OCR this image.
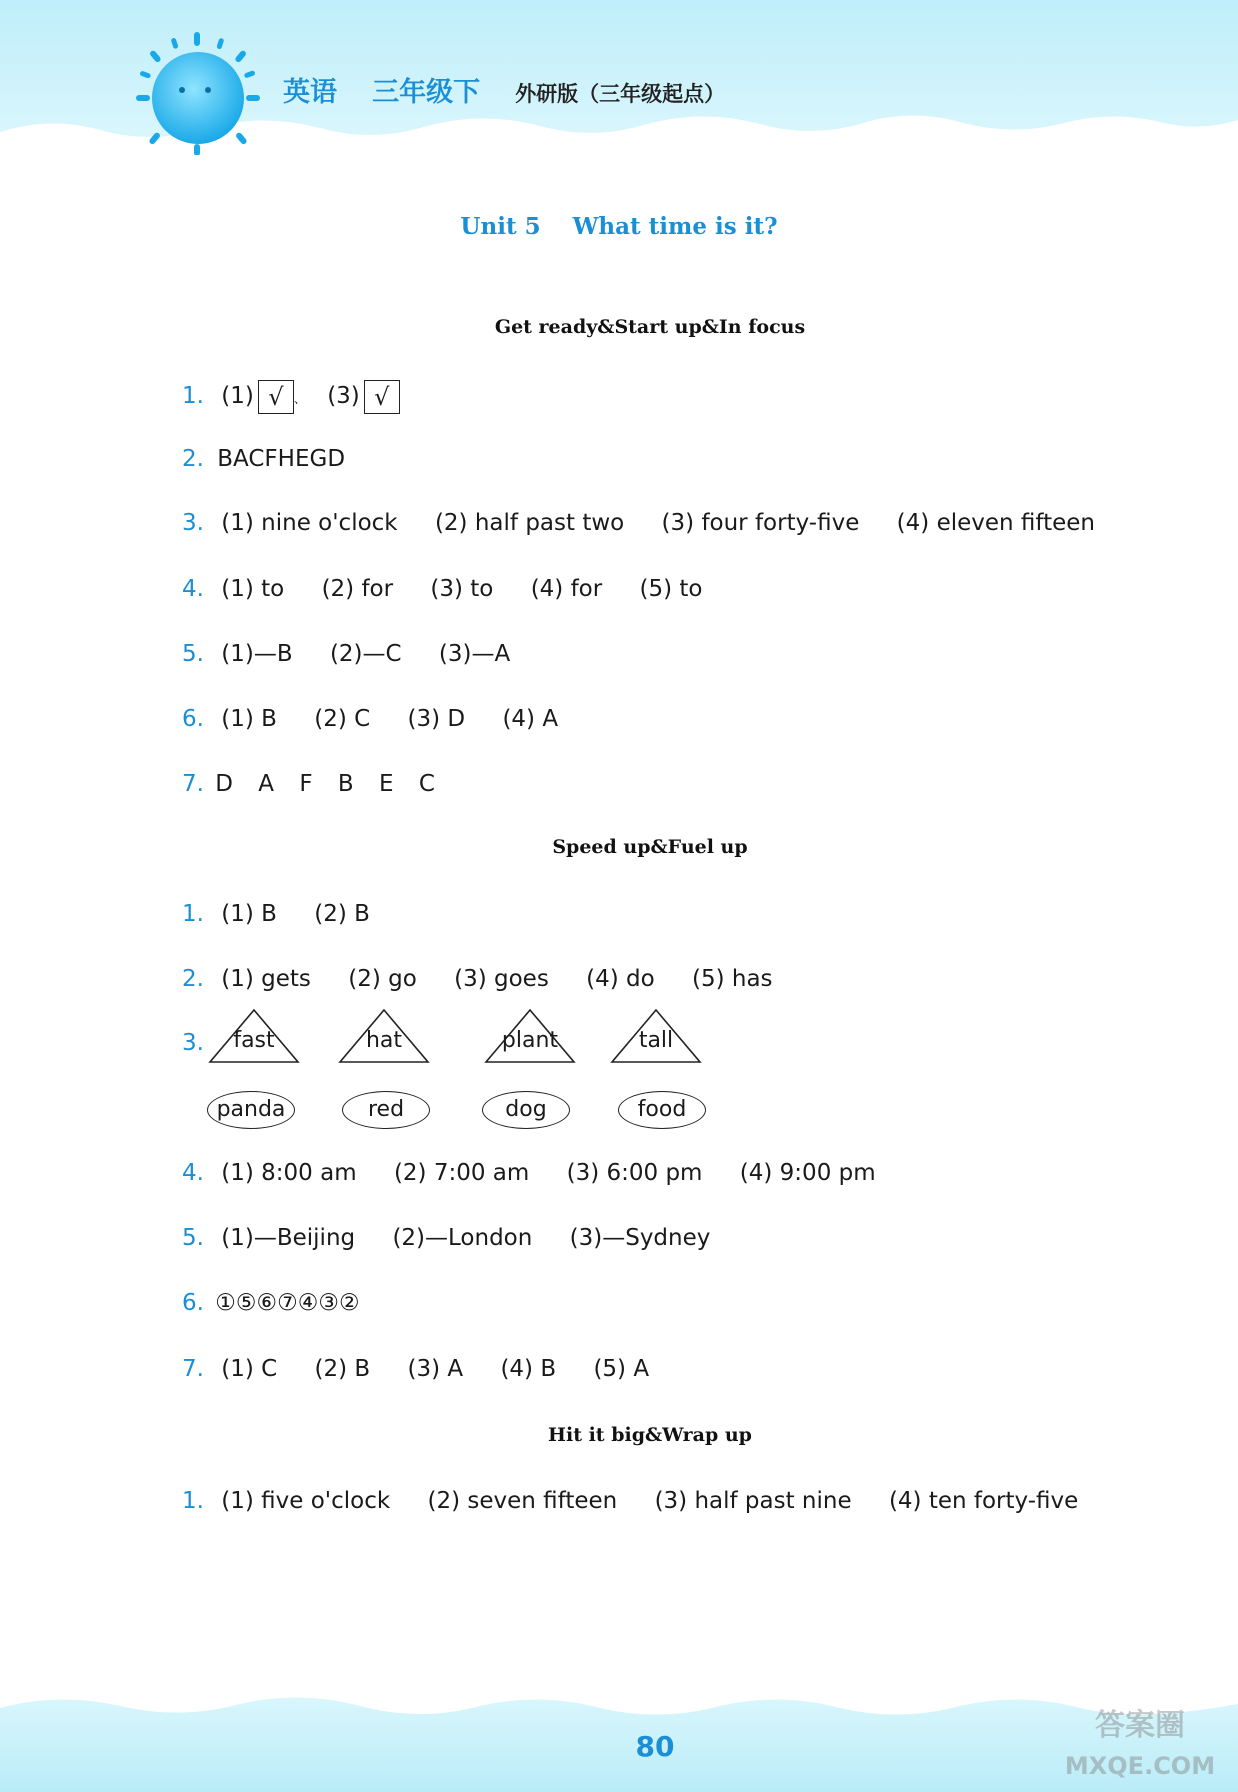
英语 三年级下 外研版（三年级起点）
Unit 5 What time is it?
Get ready&Start up&In focus
1. (1) √ 、 (3) √
2. BACFHEGD
3. (1) nine o'clock (2) half past two (3) four forty-five (4) eleven fifteen
4. (1) to (2) for (3) to (4) for (5) to
5. (1)—B (2)—C (3)—A
6. (1) B (2) C (3) D (4) A
7. D A F B E C
Speed up&Fuel up
1. (1) B (2) B
2. (1) gets (2) go (3) goes (4) do (5) has
3.	fast	hat	plant	tall
panda	red	dog	food
4. (1) 8:00 am (2) 7:00 am (3) 6:00 pm (4) 9:00 pm
5. (1)—Beijing (2)—London (3)—Sydney
6. ①⑤⑥⑦④③②
7. (1) C (2) B (3) A (4) B (5) A
Hit it big&Wrap up
1. (1) five o'clock (2) seven fifteen (3) half past nine (4) ten forty-five
80
答案圈
MXQE.COM
